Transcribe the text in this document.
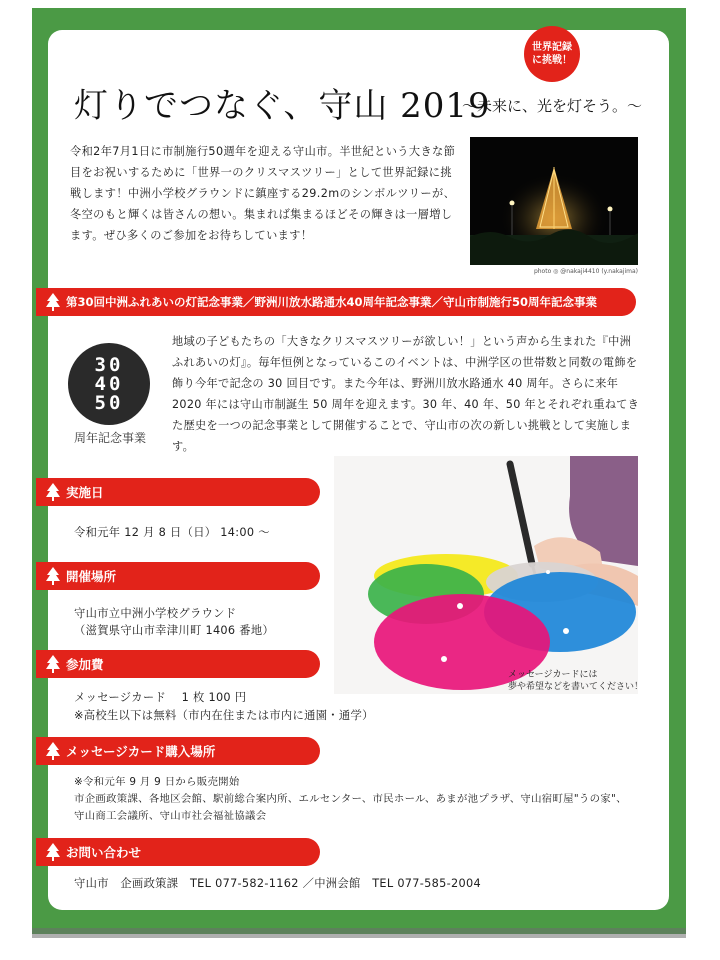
世界記録に挑戦！
灯りでつなぐ、守山 2019
～未来に、光を灯そう。～
令和2年7月1日に市制施行50週年を迎える守山市。半世紀という大きな節目をお祝いするために「世界一のクリスマスツリー」として世界記録に挑戦します！中洲小学校グラウンドに鎮座する29.2mのシンボルツリーが、冬空のもと輝くは皆さんの想い。集まれば集まるほどその輝きは一層増します。ぜひ多くのご参加をお待ちしています！
photo ◎ @nakaji4410 (y.nakajima)
第30回中洲ふれあいの灯記念事業／野洲川放水路通水40周年記念事業／守山市制施行50周年記念事業
30
40
50
周年記念事業
地域の子どもたちの「大きなクリスマスツリーが欲しい！」という声から生まれた『中洲ふれあいの灯』。毎年恒例となっているこのイベントは、中洲学区の世帯数と同数の電飾を飾り今年で記念の 30 回目です。また今年は、野洲川放水路通水 40 周年。さらに来年 2020 年には守山市制誕生 50 周年を迎えます。30 年、40 年、50 年とそれぞれ重ねてきた歴史を一つの記念事業として開催することで、守山市の次の新しい挑戦として実施します。
実施日
令和元年 12 月 8 日（日） 14:00 ～
開催場所
守山市立中洲小学校グラウンド
（滋賀県守山市幸津川町 1406 番地）
参加費
メッセージカード　 1 枚 100 円
※高校生以下は無料（市内在住または市内に通園・通学）
メッセージカード購入場所
※令和元年 9 月 9 日から販売開始
市企画政策課、各地区会館、駅前総合案内所、エルセンター、市民ホール、あまが池プラザ、守山宿町屋"うの家"、
守山商工会議所、守山市社会福祉協議会
お問い合わせ
守山市　企画政策課　TEL 077-582-1162 ／中洲会館　TEL 077-585-2004
メッセージカードには
夢や希望などを書いてください！
